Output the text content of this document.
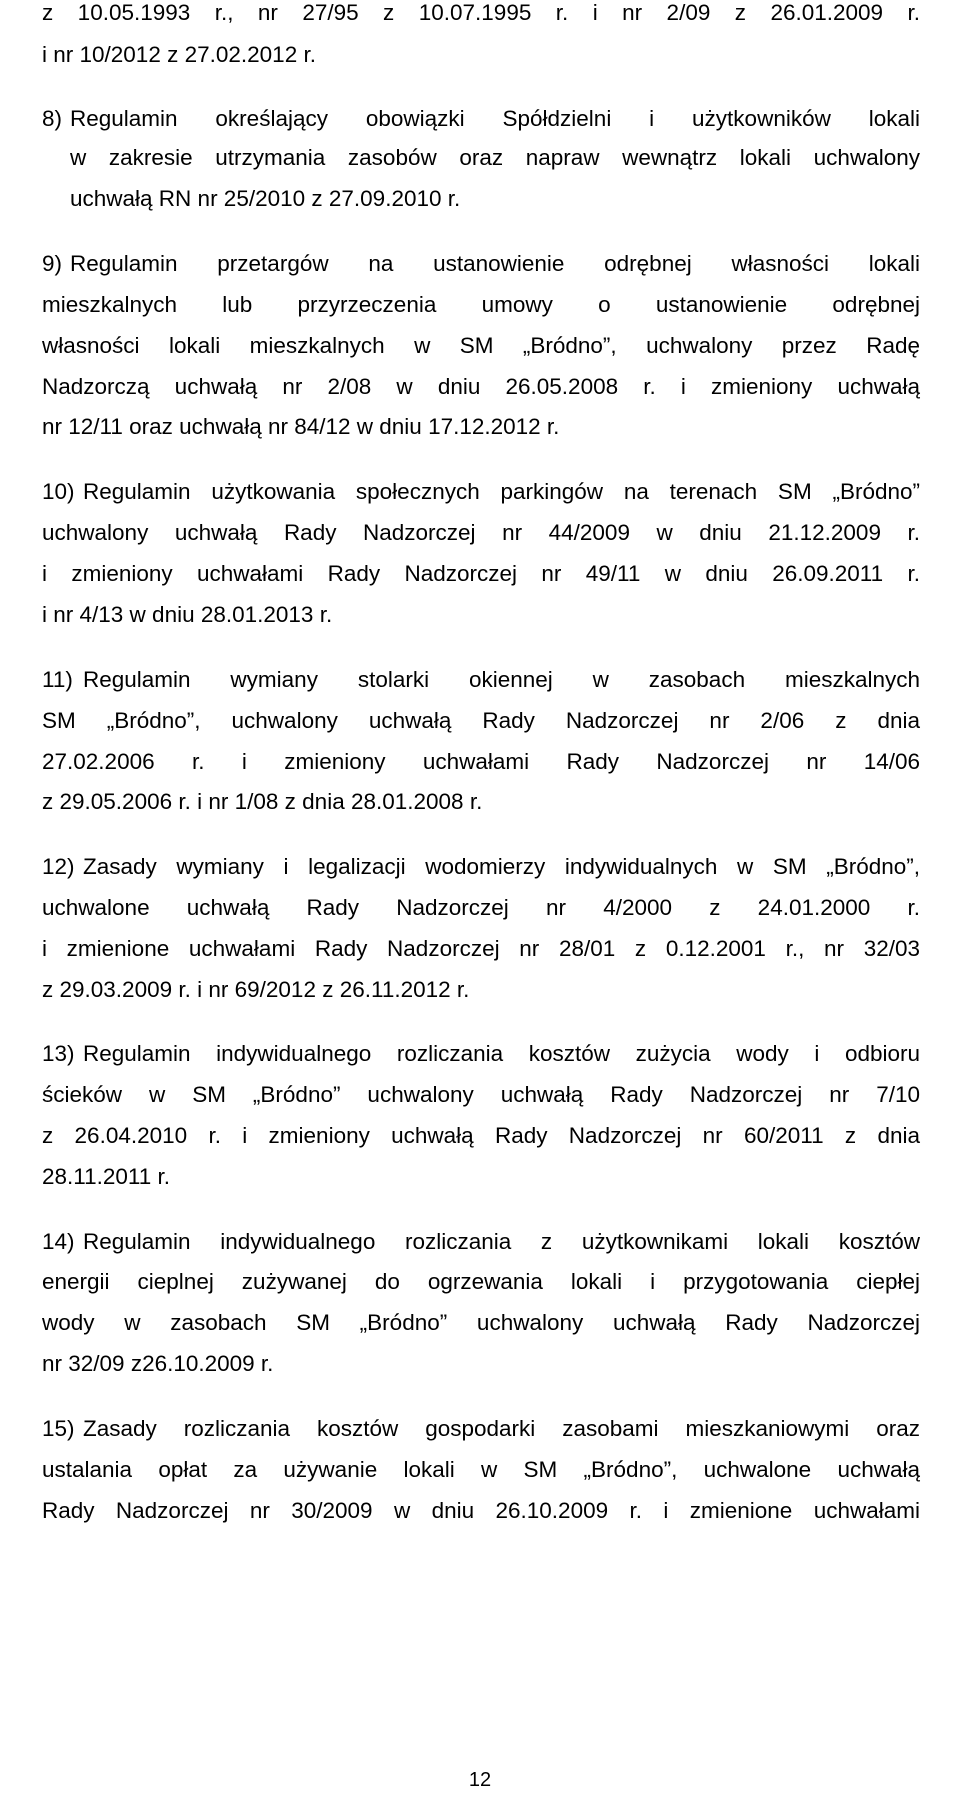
z 10.05.1993 r., nr 27/95 z 10.07.1995 r. i nr 2/09 z 26.01.2009 r.
i nr 10/2012 z 27.02.2012 r.
8) Regulamin określający obowiązki Spółdzielni i użytkowników lokali
w zakresie utrzymania zasobów oraz napraw wewnątrz lokali uchwalony
uchwałą RN nr 25/2010 z 27.09.2010 r.
9) Regulamin przetargów na ustanowienie odrębnej własności lokali
mieszkalnych lub przyrzeczenia umowy o ustanowienie odrębnej
własności lokali mieszkalnych w SM „Bródno”, uchwalony przez Radę
Nadzorczą uchwałą nr 2/08 w dniu 26.05.2008 r. i zmieniony uchwałą
nr 12/11 oraz uchwałą nr 84/12 w dniu 17.12.2012 r.
10) Regulamin użytkowania społecznych parkingów na terenach SM „Bródno”
uchwalony uchwałą Rady Nadzorczej nr 44/2009 w dniu 21.12.2009 r.
i zmieniony uchwałami Rady Nadzorczej nr 49/11 w dniu 26.09.2011 r.
i nr 4/13 w dniu 28.01.2013 r.
11) Regulamin wymiany stolarki okiennej w zasobach mieszkalnych
SM „Bródno”, uchwalony uchwałą Rady Nadzorczej nr 2/06 z dnia
27.02.2006 r. i zmieniony uchwałami Rady Nadzorczej nr 14/06
z 29.05.2006 r. i nr 1/08 z dnia 28.01.2008 r.
12) Zasady wymiany i legalizacji wodomierzy indywidualnych w SM „Bródno”,
uchwalone uchwałą Rady Nadzorczej nr 4/2000 z 24.01.2000 r.
i zmienione uchwałami Rady Nadzorczej nr 28/01 z 0.12.2001 r., nr 32/03
z 29.03.2009 r. i nr 69/2012 z 26.11.2012 r.
13) Regulamin indywidualnego rozliczania kosztów zużycia wody i odbioru
ścieków w SM „Bródno” uchwalony uchwałą Rady Nadzorczej nr 7/10
z 26.04.2010 r. i zmieniony uchwałą Rady Nadzorczej nr 60/2011 z dnia
28.11.2011 r.
14) Regulamin indywidualnego rozliczania z użytkownikami lokali kosztów
energii cieplnej zużywanej do ogrzewania lokali i przygotowania ciepłej
wody w zasobach SM „Bródno” uchwalony uchwałą Rady Nadzorczej
nr 32/09 z26.10.2009 r.
15) Zasady rozliczania kosztów gospodarki zasobami mieszkaniowymi oraz
ustalania opłat za używanie lokali w SM „Bródno”, uchwalone uchwałą
Rady Nadzorczej nr 30/2009 w dniu 26.10.2009 r. i zmienione uchwałami
12
